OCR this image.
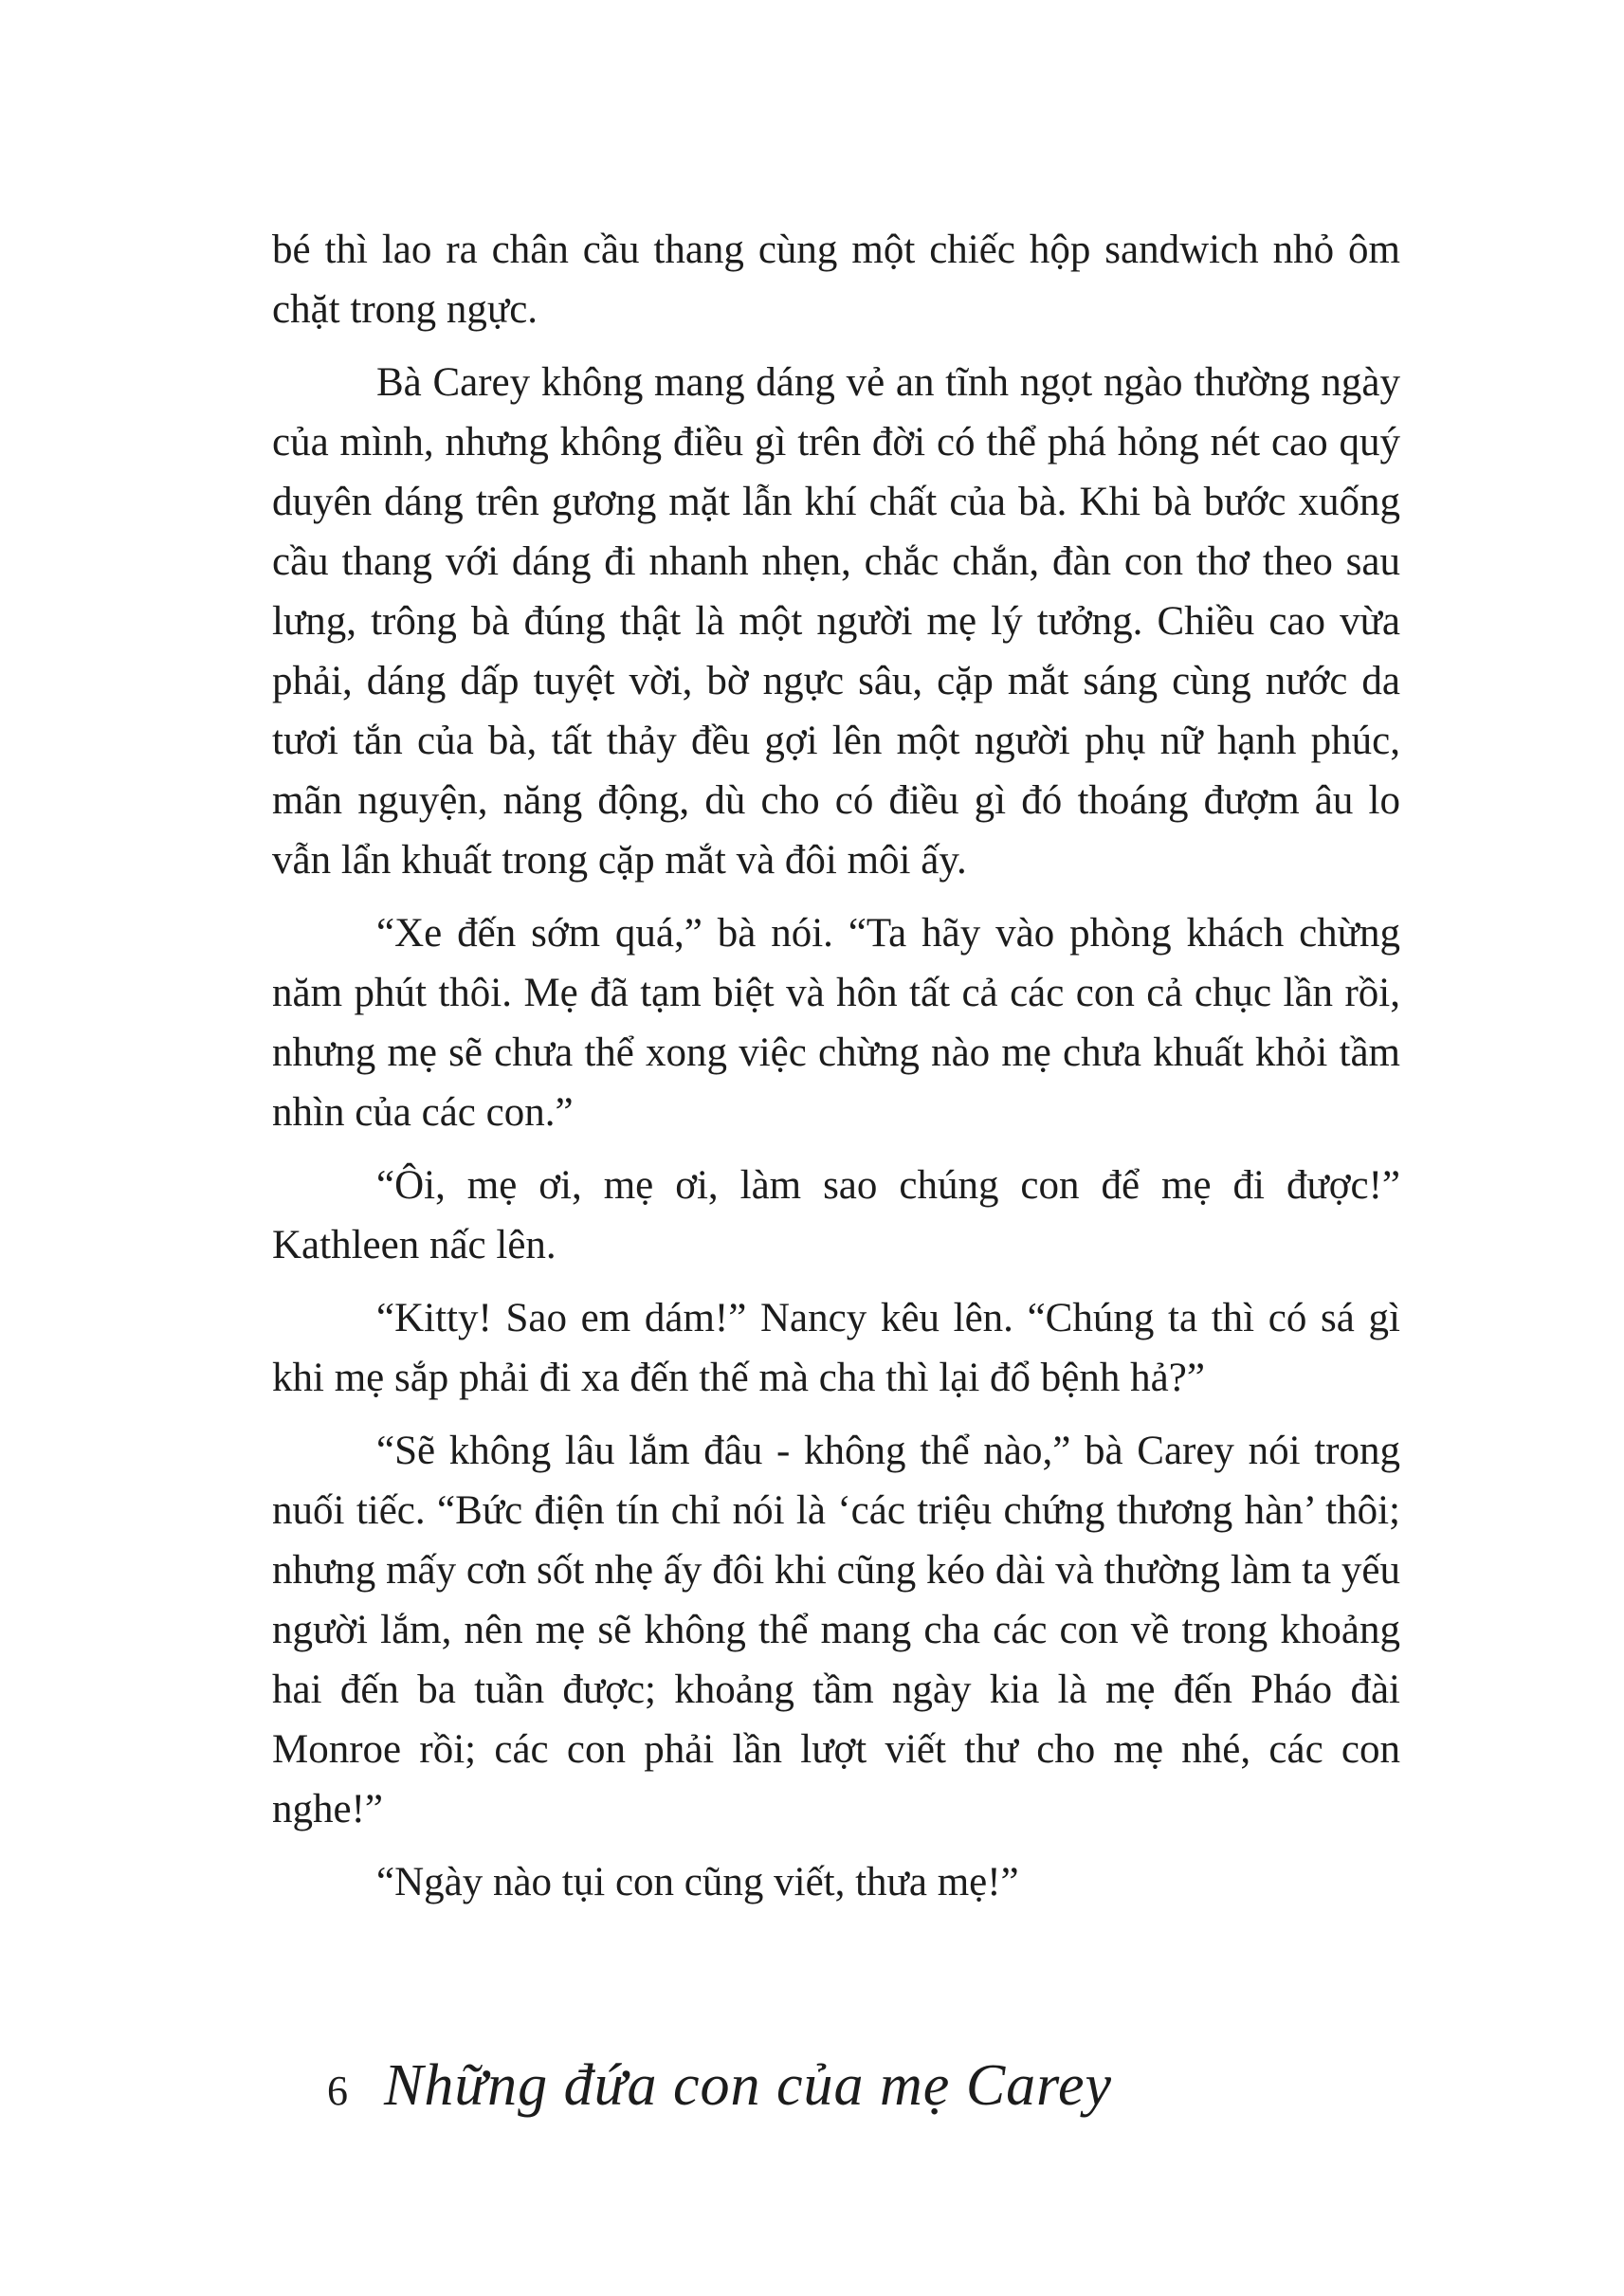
bé thì lao ra chân cầu thang cùng một chiếc hộp sandwich nhỏ ôm chặt trong ngực.

Bà Carey không mang dáng vẻ an tĩnh ngọt ngào thường ngày của mình, nhưng không điều gì trên đời có thể phá hỏng nét cao quý duyên dáng trên gương mặt lẫn khí chất của bà. Khi bà bước xuống cầu thang với dáng đi nhanh nhẹn, chắc chắn, đàn con thơ theo sau lưng, trông bà đúng thật là một người mẹ lý tưởng. Chiều cao vừa phải, dáng dấp tuyệt vời, bờ ngực sâu, cặp mắt sáng cùng nước da tươi tắn của bà, tất thảy đều gợi lên một người phụ nữ hạnh phúc, mãn nguyện, năng động, dù cho có điều gì đó thoáng đượm âu lo vẫn lẩn khuất trong cặp mắt và đôi môi ấy.

“Xe đến sớm quá,” bà nói. “Ta hãy vào phòng khách chừng năm phút thôi. Mẹ đã tạm biệt và hôn tất cả các con cả chục lần rồi, nhưng mẹ sẽ chưa thể xong việc chừng nào mẹ chưa khuất khỏi tầm nhìn của các con.”

“Ôi, mẹ ơi, mẹ ơi, làm sao chúng con để mẹ đi được!” Kathleen nấc lên.

“Kitty! Sao em dám!” Nancy kêu lên. “Chúng ta thì có sá gì khi mẹ sắp phải đi xa đến thế mà cha thì lại đổ bệnh hả?”

“Sẽ không lâu lắm đâu - không thể nào,” bà Carey nói trong nuối tiếc. “Bức điện tín chỉ nói là ‘các triệu chứng thương hàn’ thôi; nhưng mấy cơn sốt nhẹ ấy đôi khi cũng kéo dài và thường làm ta yếu người lắm, nên mẹ sẽ không thể mang cha các con về trong khoảng hai đến ba tuần được; khoảng tầm ngày kia là mẹ đến Pháo đài Monroe rồi; các con phải lần lượt viết thư cho mẹ nhé, các con nghe!”

“Ngày nào tụi con cũng viết, thưa mẹ!”

6 Những đứa con của mẹ Carey
